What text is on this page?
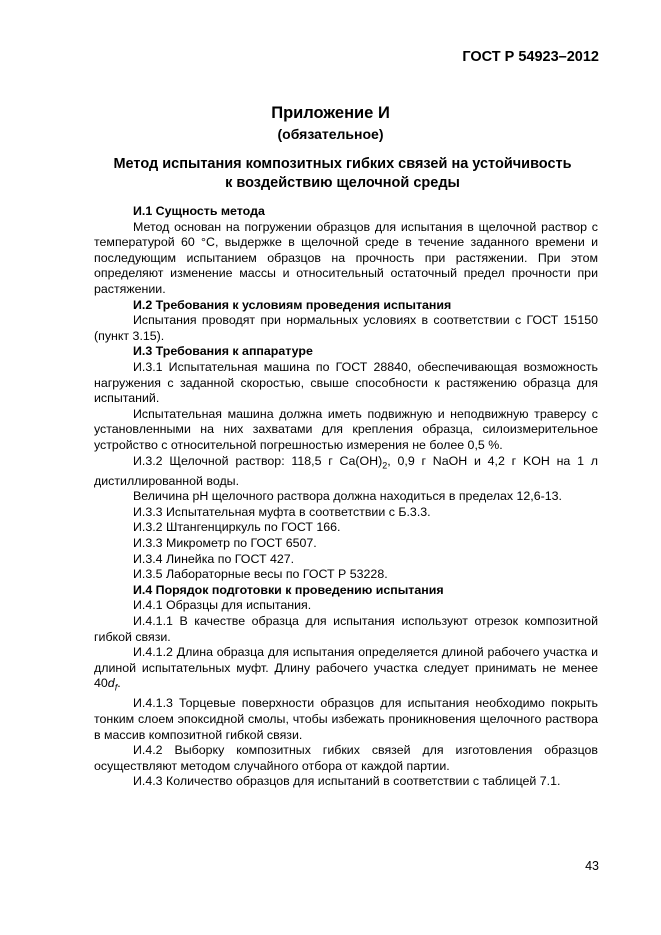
ГОСТ Р 54923–2012
Приложение И
(обязательное)
Метод испытания композитных гибких связей на устойчивость
к воздействию щелочной среды

И.1 Сущность метода

Метод основан на погружении образцов для испытания в щелочной раствор с температурой 60 °С, выдержке в щелочной среде в течение заданного времени и последующим испытанием образцов на прочность при растяжении. При этом определяют изменение массы и относительный остаточный предел прочности при растяжении.

И.2 Требования к условиям проведения испытания

Испытания проводят при нормальных условиях в соответствии с ГОСТ 15150 (пункт 3.15).

И.3 Требования к аппаратуре

И.3.1 Испытательная машина по ГОСТ 28840, обеспечивающая возможность нагружения с заданной скоростью, свыше способности к растяжению образца для испытаний.

Испытательная машина должна иметь подвижную и неподвижную траверсу с установленными на них захватами для крепления образца, силоизмерительное устройство с относительной погрешностью измерения не более 0,5 %.

И.3.2 Щелочной раствор: 118,5 г $Ca(OH)_2$, 0,9 г NaOH и 4,2 г KOH на 1 л дистиллированной воды.

Величина pH щелочного раствора должна находиться в пределах 12,6-13.

И.3.3 Испытательная муфта в соответствии с Б.3.3.

И.3.2 Штангенциркуль по ГОСТ 166.

И.3.3 Микрометр по ГОСТ 6507.

И.3.4 Линейка по ГОСТ 427.

И.3.5 Лабораторные весы по ГОСТ Р 53228.

И.4 Порядок подготовки к проведению испытания

И.4.1 Образцы для испытания.

И.4.1.1 В качестве образца для испытания используют отрезок композитной гибкой связи.

И.4.1.2 Длина образца для испытания определяется длиной рабочего участка и длиной испытательных муфт. Длину рабочего участка следует принимать не менее $40d_f$.

И.4.1.3 Торцевые поверхности образцов для испытания необходимо покрыть тонким слоем эпоксидной смолы, чтобы избежать проникновения щелочного раствора в массив композитной гибкой связи.

И.4.2 Выборку композитных гибких связей для изготовления образцов осуществляют методом случайного отбора от каждой партии.

И.4.3 Количество образцов для испытаний в соответствии с таблицей 7.1.

43
